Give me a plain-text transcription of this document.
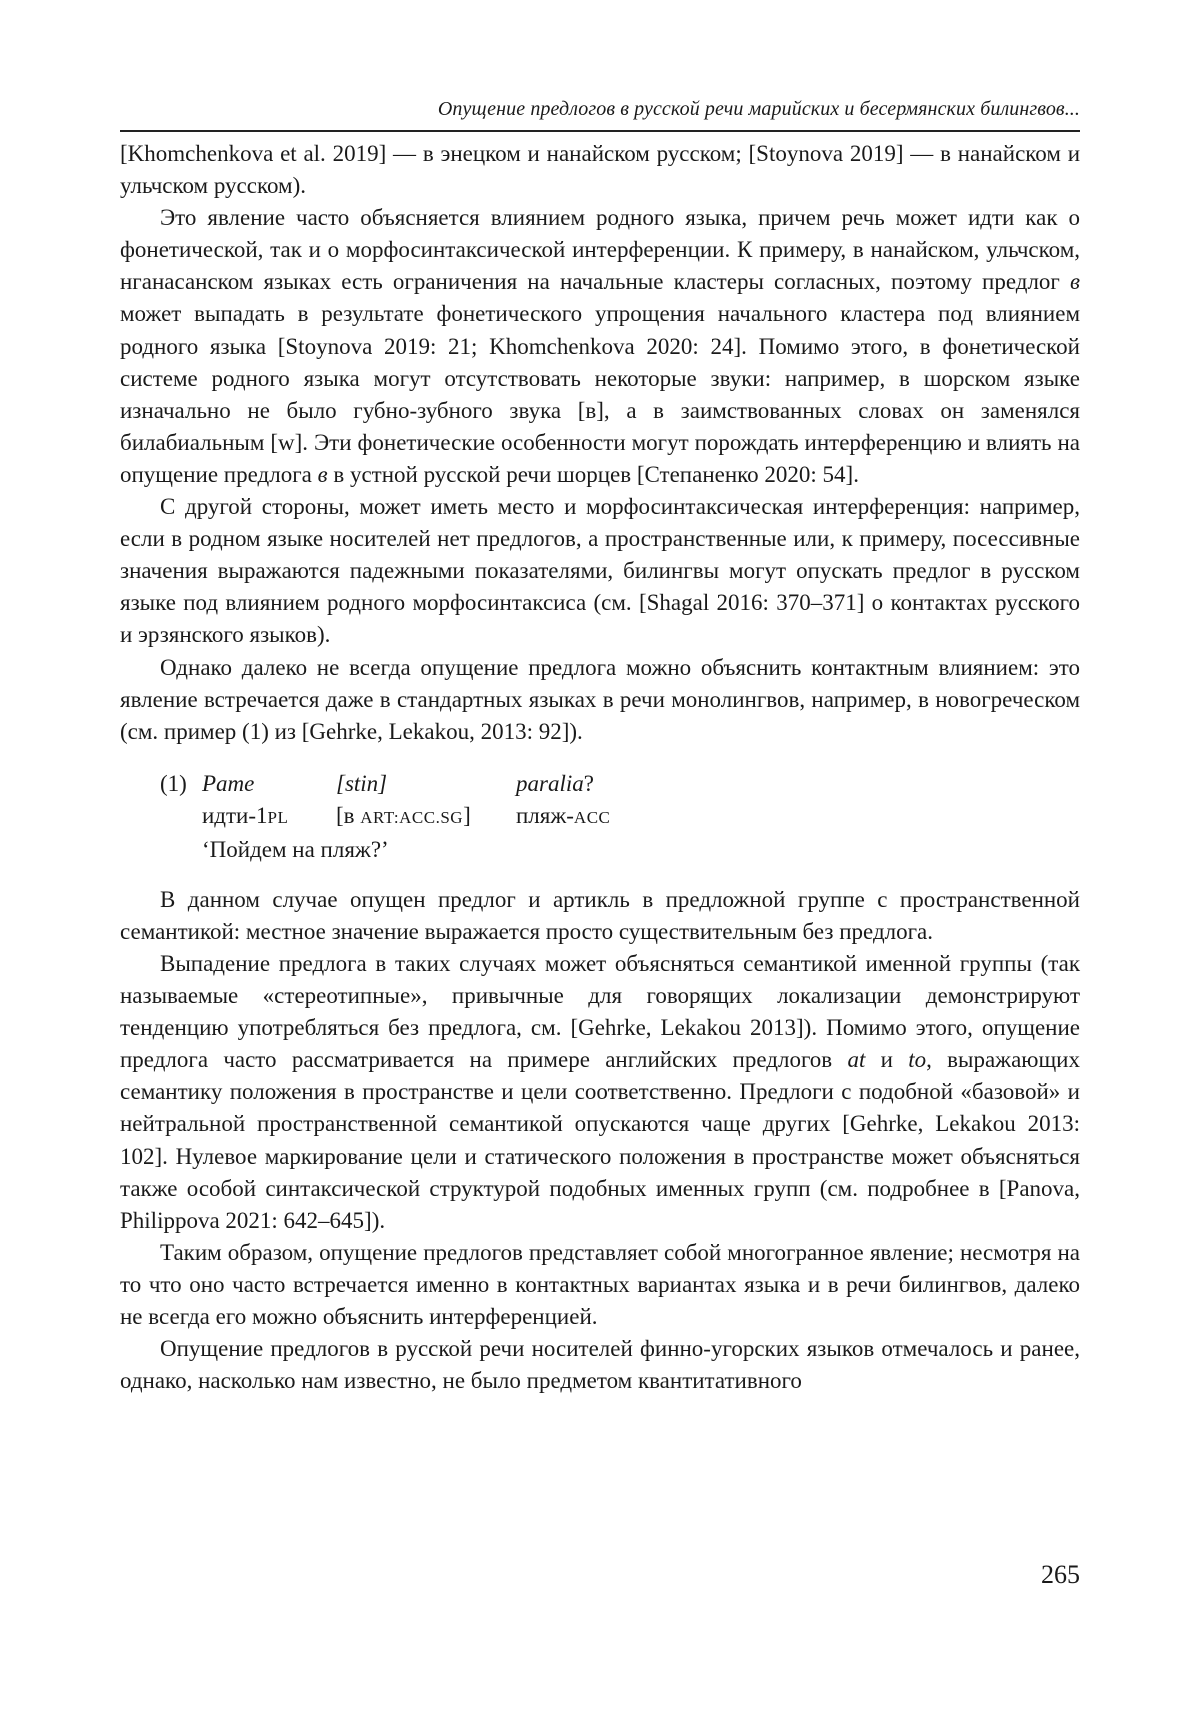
Опущение предлогов в русской речи марийских и бесермянских билингвов...

[Khomchenkova et al. 2019] — в энецком и нанайском русском; [Stoynova 2019] — в нанайском и ульчском русском).

Это явление часто объясняется влиянием родного языка, причем речь может идти как о фонетической, так и о морфосинтаксической интерференции. К примеру, в нанайском, ульчском, нганасанском языках есть ограничения на начальные кластеры согласных, поэтому предлог в может выпадать в результате фонетического упрощения начального кластера под влиянием родного языка [Stoynova 2019: 21; Khomchenkova 2020: 24]. Помимо этого, в фонетической системе родного языка могут отсутствовать некоторые звуки: например, в шорском языке изначально не было губно-зубного звука [в], а в заимствованных словах он заменялся билабиальным [w]. Эти фонетические особенности могут порождать интерференцию и влиять на опущение предлога в в устной русской речи шорцев [Степаненко 2020: 54].

С другой стороны, может иметь место и морфосинтаксическая интерференция: например, если в родном языке носителей нет предлогов, а пространственные или, к примеру, посессивные значения выражаются падежными показателями, билингвы могут опускать предлог в русском языке под влиянием родного морфосинтаксиса (см. [Shagal 2016: 370–371] о контактах русского и эрзянского языков).

Однако далеко не всегда опущение предлога можно объяснить контактным влиянием: это явление встречается даже в стандартных языках в речи монолингвов, например, в новогреческом (см. пример (1) из [Gehrke, Lekakou, 2013: 92]).

(1) Pame	[stin]	paralia?
идти-1PL	[в ART:ACC.SG]	пляж-ACC
‘Пойдем на пляж?’

В данном случае опущен предлог и артикль в предложной группе с пространственной семантикой: местное значение выражается просто существительным без предлога.

Выпадение предлога в таких случаях может объясняться семантикой именной группы (так называемые «стереотипные», привычные для говорящих локализации демонстрируют тенденцию употребляться без предлога, см. [Gehrke, Lekakou 2013]). Помимо этого, опущение предлога часто рассматривается на примере английских предлогов at и to, выражающих семантику положения в пространстве и цели соответственно. Предлоги с подобной «базовой» и нейтральной пространственной семантикой опускаются чаще других [Gehrke, Lekakou 2013: 102]. Нулевое маркирование цели и статического положения в пространстве может объясняться также особой синтаксической структурой подобных именных групп (см. подробнее в [Panova, Philippova 2021: 642–645]).

Таким образом, опущение предлогов представляет собой многогранное явление; несмотря на то что оно часто встречается именно в контактных вариантах языка и в речи билингвов, далеко не всегда его можно объяснить интерференцией.

Опущение предлогов в русской речи носителей финно-угорских языков отмечалось и ранее, однако, насколько нам известно, не было предметом квантитативного

265
